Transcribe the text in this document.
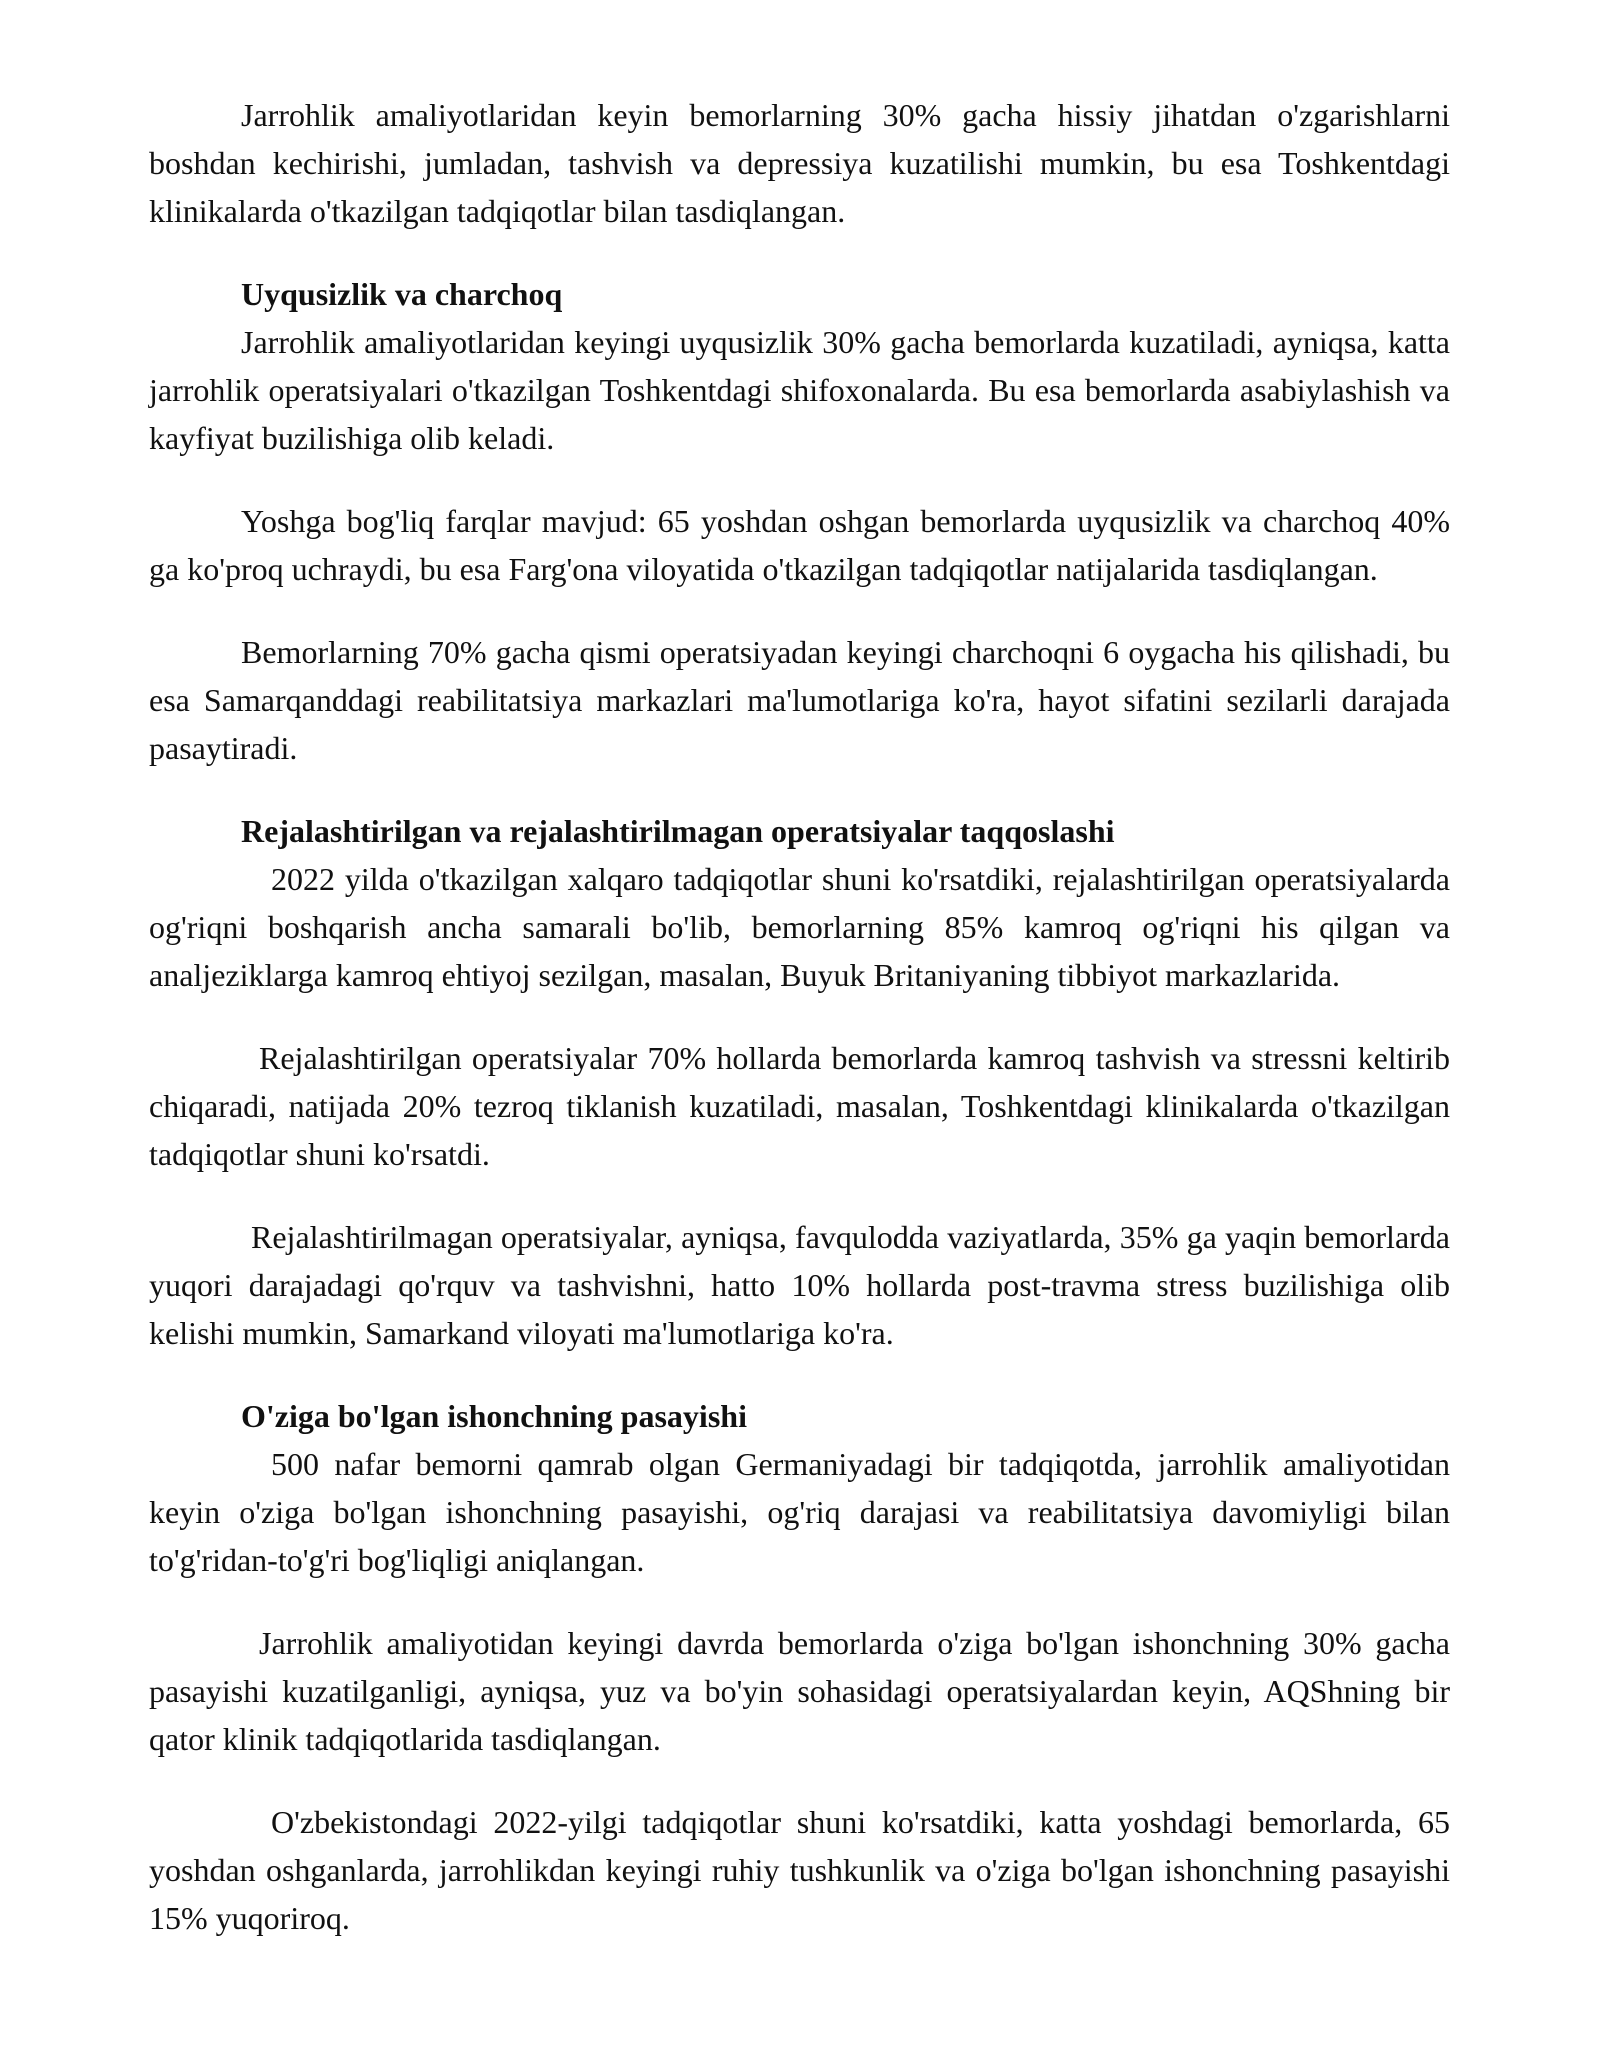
Jarrohlik amaliyotlaridan keyin bemorlarning 30% gacha hissiy jihatdan o'zgarishlarni boshdan kechirishi, jumladan, tashvish va depressiya kuzatilishi mumkin, bu esa Toshkentdagi klinikalarda o'tkazilgan tadqiqotlar bilan tasdiqlangan.

Uyqusizlik va charchoq

Jarrohlik amaliyotlaridan keyingi uyqusizlik 30% gacha bemorlarda kuzatiladi, ayniqsa, katta jarrohlik operatsiyalari o'tkazilgan Toshkentdagi shifoxonalarda. Bu esa bemorlarda asabiylashish va kayfiyat buzilishiga olib keladi.

Yoshga bog'liq farqlar mavjud: 65 yoshdan oshgan bemorlarda uyqusizlik va charchoq 40% ga ko'proq uchraydi, bu esa Farg'ona viloyatida o'tkazilgan tadqiqotlar natijalarida tasdiqlangan.

Bemorlarning 70% gacha qismi operatsiyadan keyingi charchoqni 6 oygacha his qilishadi, bu esa Samarqanddagi reabilitatsiya markazlari ma'lumotlariga ko'ra, hayot sifatini sezilarli darajada pasaytiradi.

Rejalashtirilgan va rejalashtirilmagan operatsiyalar taqqoslashi

2022 yilda o'tkazilgan xalqaro tadqiqotlar shuni ko'rsatdiki, rejalashtirilgan operatsiyalarda og'riqni boshqarish ancha samarali bo'lib, bemorlarning 85% kamroq og'riqni his qilgan va analjeziklarga kamroq ehtiyoj sezilgan, masalan, Buyuk Britaniyaning tibbiyot markazlarida.

Rejalashtirilgan operatsiyalar 70% hollarda bemorlarda kamroq tashvish va stressni keltirib chiqaradi, natijada 20% tezroq tiklanish kuzatiladi, masalan, Toshkentdagi klinikalarda o'tkazilgan tadqiqotlar shuni ko'rsatdi.

Rejalashtirilmagan operatsiyalar, ayniqsa, favqulodda vaziyatlarda, 35% ga yaqin bemorlarda yuqori darajadagi qo'rquv va tashvishni, hatto 10% hollarda post-travma stress buzilishiga olib kelishi mumkin, Samarkand viloyati ma'lumotlariga ko'ra.

O'ziga bo'lgan ishonchning pasayishi

500 nafar bemorni qamrab olgan Germaniyadagi bir tadqiqotda, jarrohlik amaliyotidan keyin o'ziga bo'lgan ishonchning pasayishi, og'riq darajasi va reabilitatsiya davomiyligi bilan to'g'ridan-to'g'ri bog'liqligi aniqlangan.

Jarrohlik amaliyotidan keyingi davrda bemorlarda o'ziga bo'lgan ishonchning 30% gacha pasayishi kuzatilganligi, ayniqsa, yuz va bo'yin sohasidagi operatsiyalardan keyin, AQShning bir qator klinik tadqiqotlarida tasdiqlangan.

O'zbekistondagi 2022-yilgi tadqiqotlar shuni ko'rsatdiki, katta yoshdagi bemorlarda, 65 yoshdan oshganlarda, jarrohlikdan keyingi ruhiy tushkunlik va o'ziga bo'lgan ishonchning pasayishi 15% yuqoriroq.
